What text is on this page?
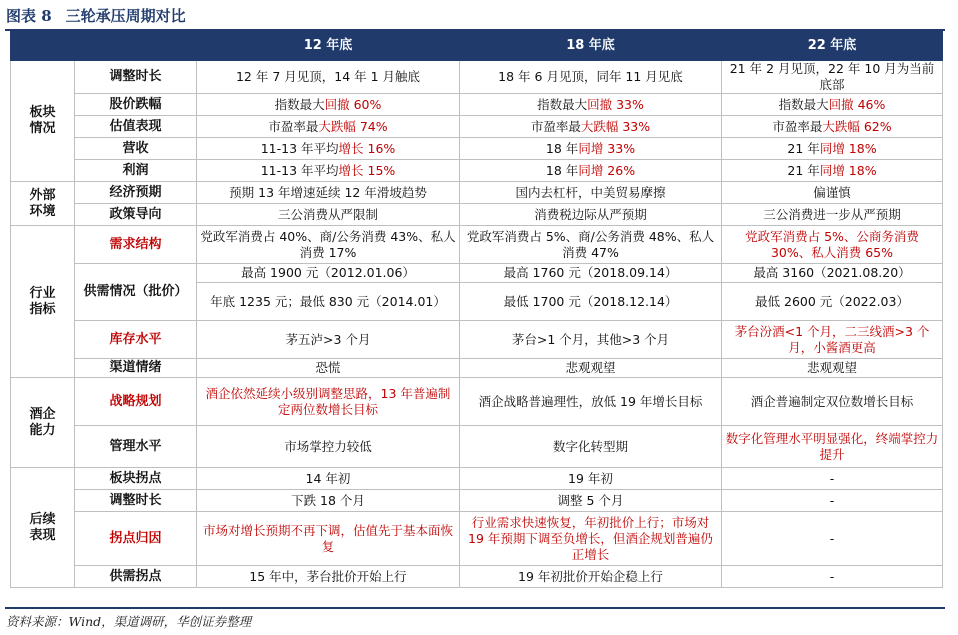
图表 8 三轮承压周期对比
		12 年底	18 年底	22 年底
板块
情况	调整时长	12 年 7 月见顶，14 年 1 月触底	18 年 6 月见顶，同年 11 月见底	21 年 2 月见顶，22 年 10 月为当前底部
	股价跌幅	指数最大回撤 60%	指数最大回撤 33%	指数最大回撤 46%
	估值表现	市盈率最大跌幅 74%	市盈率最大跌幅 33%	市盈率最大跌幅 62%
	营收	11-13 年平均增长 16%	18 年同增 33%	21 年同增 18%
	利润	11-13 年平均增长 15%	18 年同增 26%	21 年同增 18%
外部
环境	经济预期	预期 13 年增速延续 12 年滑坡趋势	国内去杠杆，中美贸易摩擦	偏谨慎
	政策导向	三公消费从严限制	消费税边际从严预期	三公消费进一步从严预期
行业
指标	需求结构	党政军消费占 40%、商/公务消费 43%、私人消费 17%	党政军消费占 5%、商/公务消费 48%、私人消费 47%	党政军消费占 5%、公商务消费 30%、私人消费 65%
	供需情况（批价）	最高 1900 元（2012.01.06）	最高 1760 元（2018.09.14）	最高 3160（2021.08.20）
		年底 1235 元；最低 830 元（2014.01）	最低 1700 元（2018.12.14）	最低 2600 元（2022.03）
	库存水平	茅五泸>3 个月	茅台>1 个月，其他>3 个月	茅台汾酒<1 个月，二三线酒>3 个月，小酱酒更高
	渠道情绪	恐慌	悲观观望	悲观观望

酒企
能力	战略规划	酒企依然延续小级别调整思路，13 年普遍制定两位数增长目标	酒企战略普遍理性，放低 19 年增长目标	酒企普遍制定双位数增长目标
	管理水平	市场掌控力较低	数字化转型期	数字化管理水平明显强化，终端掌控力提升
后续
表现	板块拐点	14 年初	19 年初	-
	调整时长	下跌 18 个月	调整 5 个月	-
	拐点归因	市场对增长预期不再下调，估值先于基本面恢复	行业需求快速恢复，年初批价上行；市场对 19 年预期下调至负增长，但酒企规划普遍仍正增长	-
	供需拐点	15 年中，茅台批价开始上行	19 年初批价开始企稳上行	-
资料来源：Wind，渠道调研，华创证券整理
